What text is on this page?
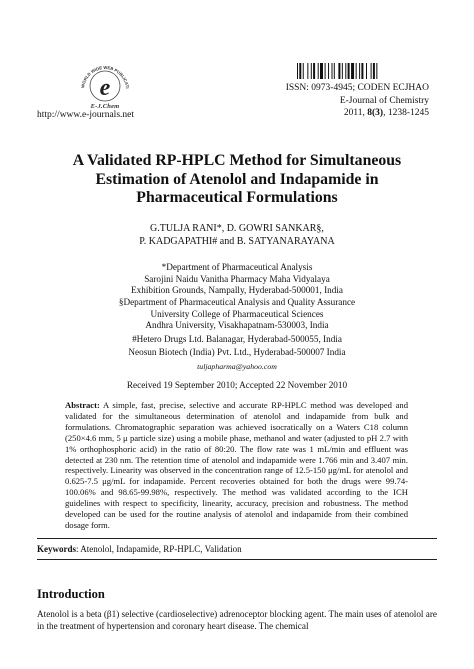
WORLD WIDE WEB PUBLICATI
e
E-J.Chem
http://www.e-journals.net
ISSN: 0973-4945; CODEN ECJHAO
E-Journal of Chemistry
2011, 8(3), 1238-1245
A Validated RP-HPLC Method for Simultaneous
Estimation of Atenolol and Indapamide in
Pharmaceutical Formulations
G.TULJA RANI*, D. GOWRI SANKAR§,
P. KADGAPATHI# and B. SATYANARAYANA
*Department of Pharmaceutical Analysis
Sarojini Naidu Vanitha Pharmacy Maha Vidyalaya
Exhibition Grounds, Nampally, Hyderabad-500001, India
§Department of Pharmaceutical Analysis and Quality Assurance
University College of Pharmaceutical Sciences
Andhra University, Visakhapatnam-530003, India
#Hetero Drugs Ltd. Balanagar, Hyderabad-500055, India
Neosun Biotech (India) Pvt. Ltd., Hyderabad-500007 India
tuljapharma@yahoo.com
Received 19 September 2010; Accepted 22 November 2010
Abstract: A simple, fast, precise, selective and accurate RP-HPLC method was developed and validated for the simultaneous determination of atenolol and indapamide from bulk and formulations. Chromatographic separation was achieved isocratically on a Waters C18 column (250×4.6 mm, 5 μ particle size) using a mobile phase, methanol and water (adjusted to pH 2.7 with 1% orthophosphoric acid) in the ratio of 80:20. The flow rate was 1 mL/min and effluent was detected at 230 nm. The retention time of atenolol and indapamide were 1.766 min and 3.407 min. respectively. Linearity was observed in the concentration range of 12.5-150 μg/mL for atenolol and 0.625-7.5 μg/mL for indapamide. Percent recoveries obtained for both the drugs were 99.74-100.06% and 98.65-99.98%, respectively. The method was validated according to the ICH guidelines with respect to specificity, linearity, accuracy, precision and robustness. The method developed can be used for the routine analysis of atenolol and indapamide from their combined dosage form.
Keywords: Atenolol, Indapamide, RP-HPLC, Validation
Introduction
Atenolol is a beta (β1) selective (cardioselective) adrenoceptor blocking agent. The main uses of atenolol are in the treatment of hypertension and coronary heart disease. The chemical
